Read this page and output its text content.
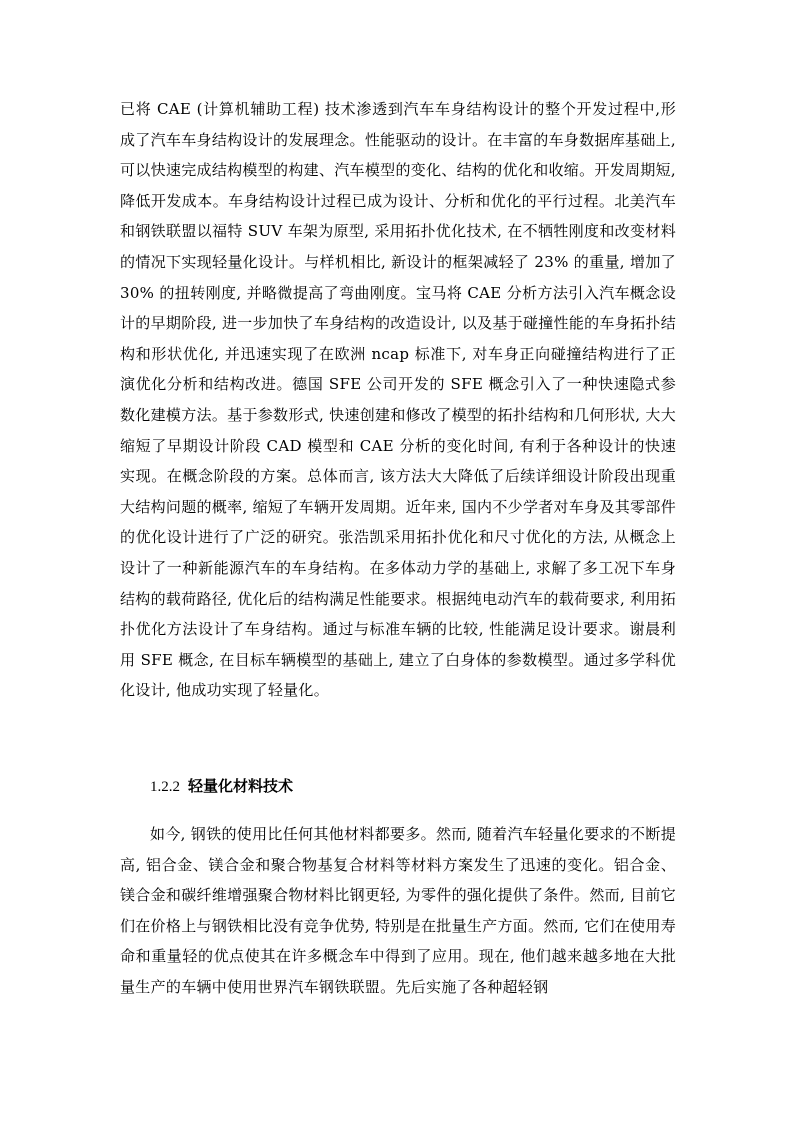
已将 CAE (计算机辅助工程) 技术渗透到汽车车身结构设计的整个开发过程中,形成了汽车车身结构设计的发展理念。性能驱动的设计。在丰富的车身数据库基础上, 可以快速完成结构模型的构建、汽车模型的变化、结构的优化和收缩。开发周期短, 降低开发成本。车身结构设计过程已成为设计、分析和优化的平行过程。北美汽车和钢铁联盟以福特 SUV 车架为原型, 采用拓扑优化技术, 在不牺牲刚度和改变材料的情况下实现轻量化设计。与样机相比, 新设计的框架减轻了 23% 的重量, 增加了 30% 的扭转刚度, 并略微提高了弯曲刚度。宝马将 CAE 分析方法引入汽车概念设计的早期阶段, 进一步加快了车身结构的改造设计, 以及基于碰撞性能的车身拓扑结构和形状优化, 并迅速实现了在欧洲 ncap 标准下, 对车身正向碰撞结构进行了正演优化分析和结构改进。德国 SFE 公司开发的 SFE 概念引入了一种快速隐式参数化建模方法。基于参数形式, 快速创建和修改了模型的拓扑结构和几何形状, 大大缩短了早期设计阶段 CAD 模型和 CAE 分析的变化时间, 有利于各种设计的快速实现。在概念阶段的方案。总体而言, 该方法大大降低了后续详细设计阶段出现重大结构问题的概率, 缩短了车辆开发周期。近年来, 国内不少学者对车身及其零部件的优化设计进行了广泛的研究。张浩凯采用拓扑优化和尺寸优化的方法, 从概念上设计了一种新能源汽车的车身结构。在多体动力学的基础上, 求解了多工况下车身结构的载荷路径, 优化后的结构满足性能要求。根据纯电动汽车的载荷要求, 利用拓扑优化方法设计了车身结构。通过与标准车辆的比较, 性能满足设计要求。谢晨利用 SFE 概念, 在目标车辆模型的基础上, 建立了白身体的参数模型。通过多学科优化设计, 他成功实现了轻量化。

1.2.2 轻量化材料技术

如今, 钢铁的使用比任何其他材料都要多。然而, 随着汽车轻量化要求的不断提高, 铝合金、镁合金和聚合物基复合材料等材料方案发生了迅速的变化。铝合金、镁合金和碳纤维增强聚合物材料比钢更轻, 为零件的强化提供了条件。然而, 目前它们在价格上与钢铁相比没有竞争优势, 特别是在批量生产方面。然而, 它们在使用寿命和重量轻的优点使其在许多概念车中得到了应用。现在, 他们越来越多地在大批量生产的车辆中使用世界汽车钢铁联盟。先后实施了各种超轻钢
